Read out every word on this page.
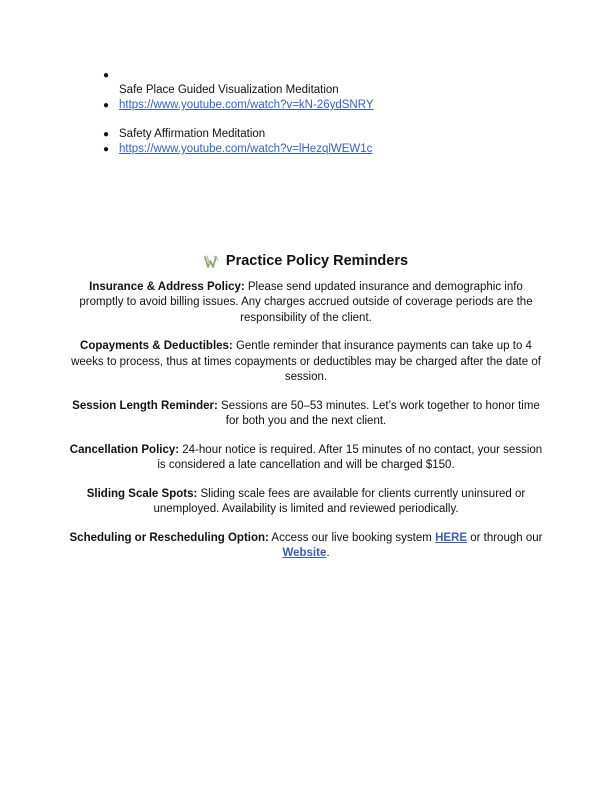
●

Safe Place Guided Visualization Meditation
● https://www.youtube.com/watch?v=kN-26ydSNRY
● Safety Affirmation Meditation
● https://www.youtube.com/watch?v=lHezqlWEW1c
Practice Policy Reminders
Insurance & Address Policy: Please send updated insurance and demographic info promptly to avoid billing issues. Any charges accrued outside of coverage periods are the responsibility of the client.
Copayments & Deductibles: Gentle reminder that insurance payments can take up to 4 weeks to process, thus at times copayments or deductibles may be charged after the date of session.
Session Length Reminder: Sessions are 50–53 minutes. Let’s work together to honor time for both you and the next client.
Cancellation Policy: 24-hour notice is required. After 15 minutes of no contact, your session is considered a late cancellation and will be charged $150.
Sliding Scale Spots: Sliding scale fees are available for clients currently uninsured or unemployed. Availability is limited and reviewed periodically.
Scheduling or Rescheduling Option: Access our live booking system HERE or through our
Website.
